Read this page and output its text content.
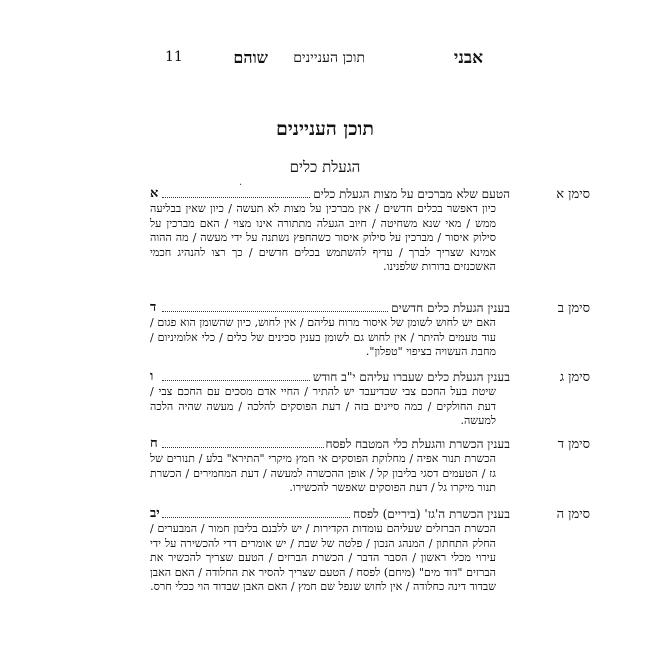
אבני
תוכן העניינים
שוהם
11
תוכן העניינים
הגעלת כלים
·
סימן א
הטעם שלא מברכים על מצות הגעלת כלים
א
כיון דאפשר בכלים חדשים / אין מברכין על מצות לא תעשה / כיון שאין בבליעה ממש / מאי שנא משחיטה / חיוב הגעלה מתתורה אינו מצוי / האם מברכין על סילוק איסור / מברכין על סילוק איסור כשהחפץ נשתנה על ידי מעשה / מה ההוה אמינא שצריך לברך / עדיף להשתמש בכלים חדשים / כך רצו להנהיג חכמי האשכנזים בדורות שלפנינו.
סימן ב
בענין הגעלת כלים חדשים
ד
האם יש לחוש לשומן של איסור מרוח עליהם / אין לחוש, כיון שהשומן הוא פגום / עוד טעמים להיתר / אין לחוש גם לשומן בענין סכינים של כלים / כלי אלומיניום / מחבת העשויה בציפוי "טפלון".
סימן ג
בענין הגעלת כלים שעברו עליהם י"ב חודש
ו
שיטת בעל החכם צבי שבדיעבד יש להתיר / החיי אדם מסכים עם החכם צבי / דעת החולקים / כמה סייגים בזה / דעת הפוסקים להלכה / מעשה שהיה הלכה למעשה.
סימן ד
בענין הכשרת והגעלת כלי המטבח לפסח
ח
הכשרת תנור אפיה / מחלוקת הפוסקים אי חמץ מיקרי "התירא" בלע / תנורים של גז / הטעמים דסגי בליבון קל / אופן ההכשרה למעשה / דעת המחמירים / הכשרת תנור מיקרו גל / דעת הפוסקים שאפשר להכשירו.
סימן ה
בענין הכשרת ה'גז' (ביריים) לפסח
יב
הכשרת הברזלים שעליהם עומדות הקדירות / יש ללבנם בליבון חמור / המבערים / החלק התחתון / המנהג הנכון / פלטה של שבת / יש אומרים דדי להכשירה על ידי עירוי מכלי ראשון / הסבר הדבר / הכשרת הברזים / הטעם שצריך להכשיר את הברזים "דוד מים" (מיחם) לפסח / הטעם שצריך להסיר את החלודה / האם האבן שבדוד דינה כחלודה / אין לחוש שנפל שם חמץ / האם האבן שבדוד הוי ככלי חרס.
